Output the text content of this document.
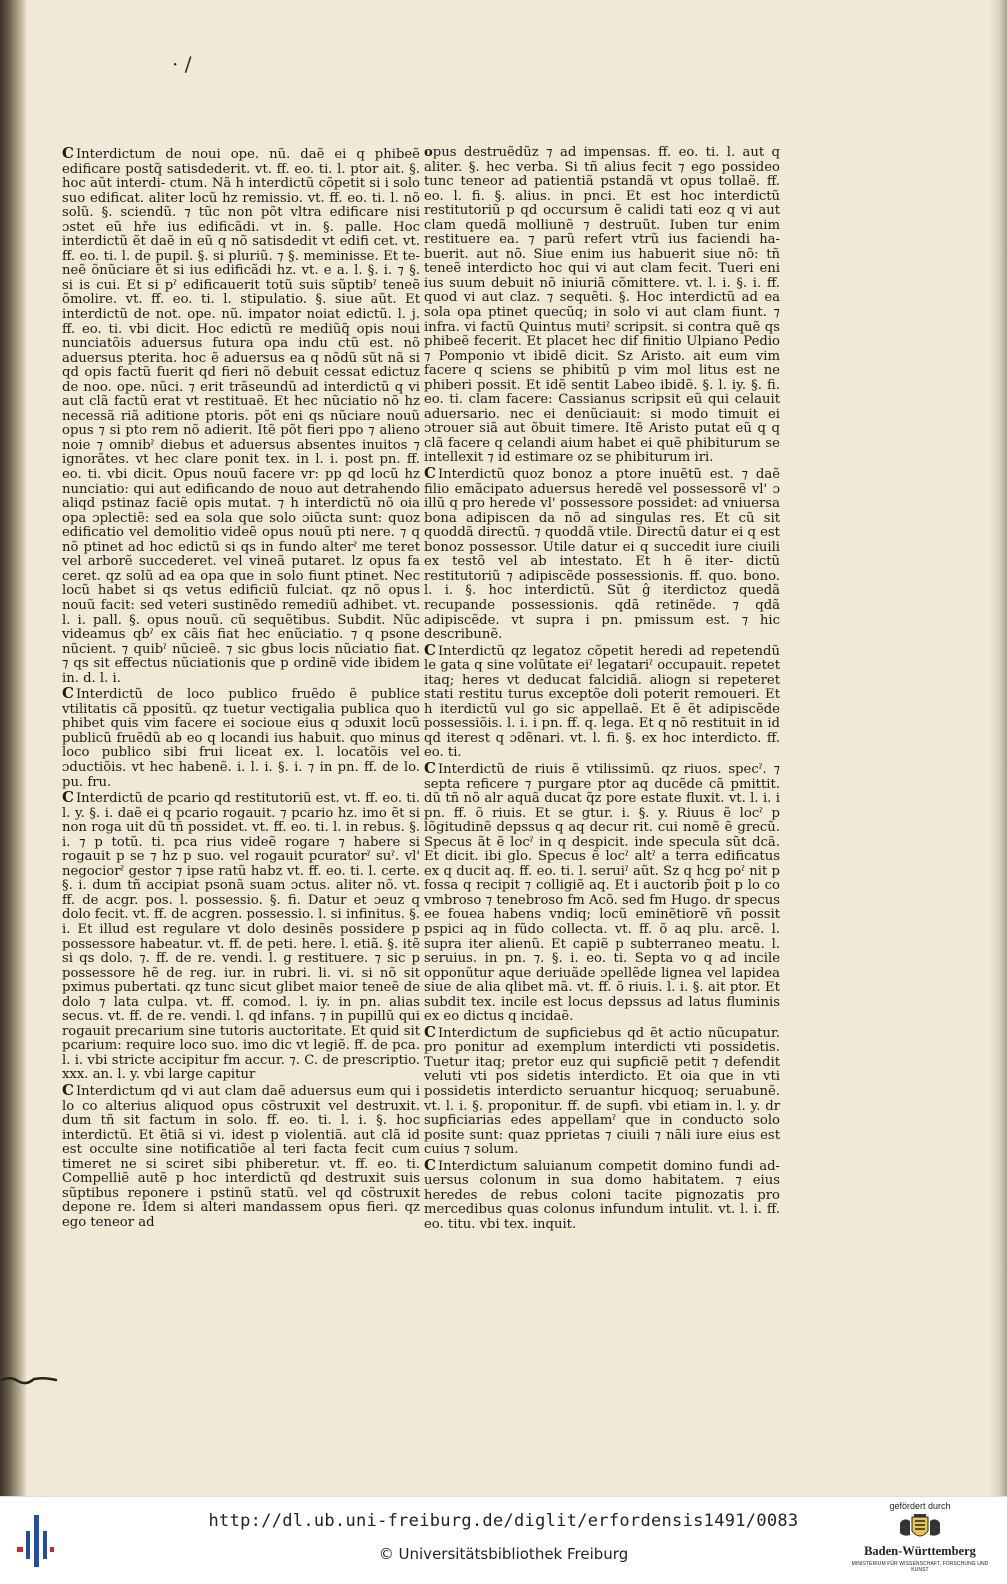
· /

C Interdictum de noui ope. nũ. daẽ ei q phibeẽ edificare postq̃ satisdederit. vt. ff. eo. ti. l. ptor ait. §. hoc aũt interdi- ctum. Nã h interdictũ cõpetit si i solo suo edificat. aliter locũ hz remissio. vt. ff. eo. ti. l. nõ solũ. §. sciendũ. ⁊ tũc non põt vltra edificare nisi ɔstet eũ hře ius edificãdi. vt in. §. palle. Hoc interdictũ ẽt daẽ in eũ q nõ satisdedit vt edifi cet. vt. ff. eo. ti. l. de pupil. §. si pluriũ. ⁊ §. meminisse. Et te- neẽ õnũciare ẽt si ius edificãdi hz. vt. e a. l. §. i. ⁊ §. si is cui. Et si pˀ edificauerit totũ suis sũptibˀ teneẽ õmolire. vt. ff. eo. ti. l. stipulatio. §. siue aũt. Et interdictũ de not. ope. nũ. impator noiat edictũ. l. j. ff. eo. ti. vbi dicit. Hoc edictũ re mediũq̃ opis noui nunciatõis aduersus futura opa indu ctũ est. nõ aduersus pterita. hoc ẽ aduersus ea q nõdũ sũt nã si qd opis factũ fuerit qd fieri nõ debuit cessat edictuz de noo. ope. nũci. ⁊ erit trãseundũ ad interdictũ q vi aut clã factũ erat vt restituaẽ. Et hec nũciatio nõ hz necessã riã aditione ptoris. põt eni qs nũciare nouũ opus ⁊ si pto rem nõ adierit. Itẽ põt fieri ppo ⁊ alieno noie ⁊ omnibˀ diebus et aduersus absentes inuitos ⁊ ignorãtes. vt hec clare ponit tex. in l. i. post pn. ff. eo. ti. vbi dicit. Opus nouũ facere vr: pp qd locũ hz nunciatio: qui aut edificando de nouo aut detrahendo aliqd pstinaz faciẽ opis mutat. ⁊ h interdictũ nõ oia opa ɔplectiẽ: sed ea sola que solo ɔiũcta sunt: quoz edificatio vel demolitio videẽ opus nouũ pti nere. ⁊ q nõ ptinet ad hoc edictũ si qs in fundo alterˀ me teret vel arborẽ succederet. vel vineã putaret. lz opus fa ceret. qz solũ ad ea opa que in solo fiunt ptinet. Nec locũ habet si qs vetus edificiũ fulciat. qz nõ opus nouũ facit: sed veteri sustinẽdo remediũ adhibet. vt. l. i. pall. §. opus nouũ. cũ sequẽtibus. Subdit. Nũc videamus qbˀ ex cãis fiat hec enũciatio. ⁊ q psone nũcient. ⁊ quibˀ nũcieẽ. ⁊ sic gbus locis nũciatio fiat. ⁊ qs sit effectus nũciationis que p ordinẽ vide ibidem in. d. l. i.

C Interdictũ de loco publico fruẽdo ẽ publice vtilitatis cã ppositũ. qz tuetur vectigalia publica quo phibet quis vim facere ei socioue eius q ɔduxit locũ publicũ fruẽdũ ab eo q locandi ius habuit. quo minus loco publico sibi frui liceat ex. l. locatõis vel ɔductiõis. vt hec habenẽ. i. l. i. §. i. ⁊ in pn. ff. de lo. pu. fru.

C Interdictũ de pcario qd restitutoriũ est. vt. ff. eo. ti. l. y. §. i. daẽ ei q pcario rogauit. ⁊ pcario hz. imo ẽt si non roga uit dũ tñ possidet. vt. ff. eo. ti. l. in rebus. §. i. ⁊ p totũ. ti. pca rius videẽ rogare ⁊ habere si rogauit p se ⁊ hz p suo. vel rogauit pcuratorˀ suˀ. vl' negociorˀ gestor ⁊ ipse ratũ habz vt. ff. eo. ti. l. certe. §. i. dum tñ accipiat psonã suam ɔctus. aliter nõ. vt. ff. de acgr. pos. l. possessio. §. fi. Datur et ɔeuz q dolo fecit. vt. ff. de acgren. possessio. l. si infinitus. §. i. Et illud est regulare vt dolo desinẽs possidere p possessore habeatur. vt. ff. de peti. here. l. etiã. §. itẽ si qs dolo. ⁊. ff. de re. vendi. l. g restituere. ⁊ sic p possessore hẽ de reg. iur. in rubri. li. vi. si nõ sit pximus pubertati. qz tunc sicut glibet maior teneẽ de dolo ⁊ lata culpa. vt. ff. comod. l. iy. in pn. alias secus. vt. ff. de re. vendi. l. qd infans. ⁊ in pupillũ qui rogauit precarium sine tutoris auctoritate. Et quid sit pcarium: require loco suo. imo dic vt legiẽ. ff. de pca. l. i. vbi stricte accipitur fm accur. ⁊. C. de prescriptio. xxx. an. l. y. vbi large capitur

C Interdictum qd vi aut clam daẽ aduersus eum qui i lo co alterius aliquod opus cõstruxit vel destruxit. dum tñ sit factum in solo. ff. eo. ti. l. i. §. hoc interdictũ. Et ẽtiã si vi. idest p violentiã. aut clã id est occulte sine notificatiõe al teri facta fecit cum timeret ne si sciret sibi phiberetur. vt. ff. eo. ti. Compelliẽ autẽ p hoc interdictũ qd destruxit suis sũptibus reponere i pstinũ statũ. vel qd cõstruxit depone re. Idem si alteri mandassem opus fieri. qz ego teneor ad

opus destruẽdũz ⁊ ad impensas. ff. eo. ti. l. aut q aliter. §. hec verba. Si tñ alius fecit ⁊ ego possideo tunc teneor ad patientiã pstandã vt opus tollaẽ. ff. eo. l. fi. §. alius. in pnci. Et est hoc interdictũ restitutoriũ p qd occursum ẽ calidi tati eoz q vi aut clam quedã molliunẽ ⁊ destruũt. Iuben tur enim restituere ea. ⁊ parũ refert vtrũ ius faciendi ha- buerit. aut nõ. Siue enim ius habuerit siue nõ: tñ teneẽ interdicto hoc qui vi aut clam fecit. Tueri eni ius suum debuit nõ iniuriã cõmittere. vt. l. i. §. i. ff. quod vi aut claz. ⁊ sequẽti. §. Hoc interdictũ ad ea sola opa ptinet quecũq; in solo vi aut clam fiunt. ⁊ infra. vi factũ Quintus mutiˀ scripsit. si contra quẽ qs phibeẽ fecerit. Et placet hec dif finitio Ulpiano Pedio ⁊ Pomponio vt ibidẽ dicit. Sz Aristo. ait eum vim facere q sciens se phibitũ p vim mol litus est ne phiberi possit. Et idẽ sentit Labeo ibidẽ. §. l. iy. §. fi. eo. ti. clam facere: Cassianus scripsit eũ qui celauit aduersario. nec ei denũciauit: si modo timuit ei ɔtrouer siã aut õbuit timere. Itẽ Aristo putat eũ q q clã facere q celandi aium habet ei quẽ phibiturum se intellexit ⁊ id estimare oz se phibiturum iri.

C Interdictũ quoz bonoz a ptore inuẽtũ est. ⁊ daẽ filio emãcipato aduersus heredẽ vel possessorẽ vl' ɔ illũ q pro herede vl' possessore possidet: ad vniuersa bona adipiscen da nõ ad singulas res. Et cũ sit quoddã directũ. ⁊ quoddã vtile. Directũ datur ei q est bonoz possessor. Utile datur ei q succedit iure ciuili ex testõ vel ab intestato. Et h ẽ iter- dictũ restitutoriũ ⁊ adipiscẽde possessionis. ff. quo. bono. l. i. §. hoc interdictũ. Sũt ĝ iterdictoz quedã recupande possessionis. qdã retinẽde. ⁊ qdã adipiscẽde. vt supra i pn. pmissum est. ⁊ hic describunẽ.

C Interdictũ qz legatoz cõpetit heredi ad repetendũ le gata q sine volũtate eiˀ legatariˀ occupauit. repetet itaq; heres vt deducat falcidiã. aliogn si repeteret stati restitu turus exceptõe doli poterit remoueri. Et h iterdictũ vul go sic appellaẽ. Et ẽ ẽt adipiscẽde possessiõis. l. i. i pn. ff. q. lega. Et q nõ restituit in id qd iterest q ɔdẽnari. vt. l. fi. §. ex hoc interdicto. ff. eo. ti.

C Interdictũ de riuis ẽ vtilissimũ. qz riuos. specˀ. ⁊ septa reficere ⁊ purgare ptor aq ducẽde cã pmittit. dũ tñ nõ alr aquã ducat q̃z pore estate fluxit. vt. l. i. i pn. ff. õ riuis. Et se gtur. i. §. y. Riuus ẽ locˀ p lõgitudinẽ depssus q aq decur rit. cui nomẽ ẽ grecũ. Specus ãt ẽ locˀ in q despicit. inde specula sũt dcã. Et dicit. ibi glo. Specus ẽ locˀ altˀ a terra edificatus ex q ducit aq. ff. eo. ti. l. seruiˀ aũt. Sz q hcg poˀ nit p fossa q recipit ⁊ colligiẽ aq. Et i auctorib p̃oit p lo co vmbroso ⁊ tenebroso fm Acõ. sed fm Hugo. dr specus ee fouea habens vndiq; locũ eminẽtiorẽ vñ possit pspici aq in fũdo collecta. vt. ff. õ aq plu. arcẽ. l. supra iter alienũ. Et capiẽ p subterraneo meatu. l. seruius. in pn. ⁊. §. i. eo. ti. Septa vo q ad incile opponũtur aque deriuãde ɔpellẽde lignea vel lapidea siue de alia qlibet mã. vt. ff. õ riuis. l. i. §. ait ptor. Et subdit tex. incile est locus depssus ad latus fluminis ex eo dictus q incidaẽ.

C Interdictum de suꝑficiebus qd ẽt actio nũcupatur. pro ponitur ad exemplum interdicti vti possidetis. Tuetur itaq; pretor euz qui suꝑficiẽ petit ⁊ defendit veluti vti pos sidetis interdicto. Et oia que in vti possidetis interdicto seruantur hicquoq; seruabunẽ. vt. l. i. §. proponitur. ff. de supfi. vbi etiam in. l. y. dr suꝑficiarias edes appellamˀ que in conducto solo posite sunt: quaz pprietas ⁊ ciuili ⁊ nãli iure eius est cuius ⁊ solum.

C Interdictum saluianum competit domino fundi ad- uersus colonum in sua domo habitatem. ⁊ eius heredes de rebus coloni tacite pignozatis pro mercedibus quas colonus infundum intulit. vt. l. i. ff. eo. titu. vbi tex. inquit.

http://dl.ub.uni-freiburg.de/diglit/erfordensis1491/0083
© Universitätsbibliothek Freiburg
gefördert durch
Baden-Württemberg
MINISTERIUM FÜR WISSENSCHAFT, FORSCHUNG UND KUNST
